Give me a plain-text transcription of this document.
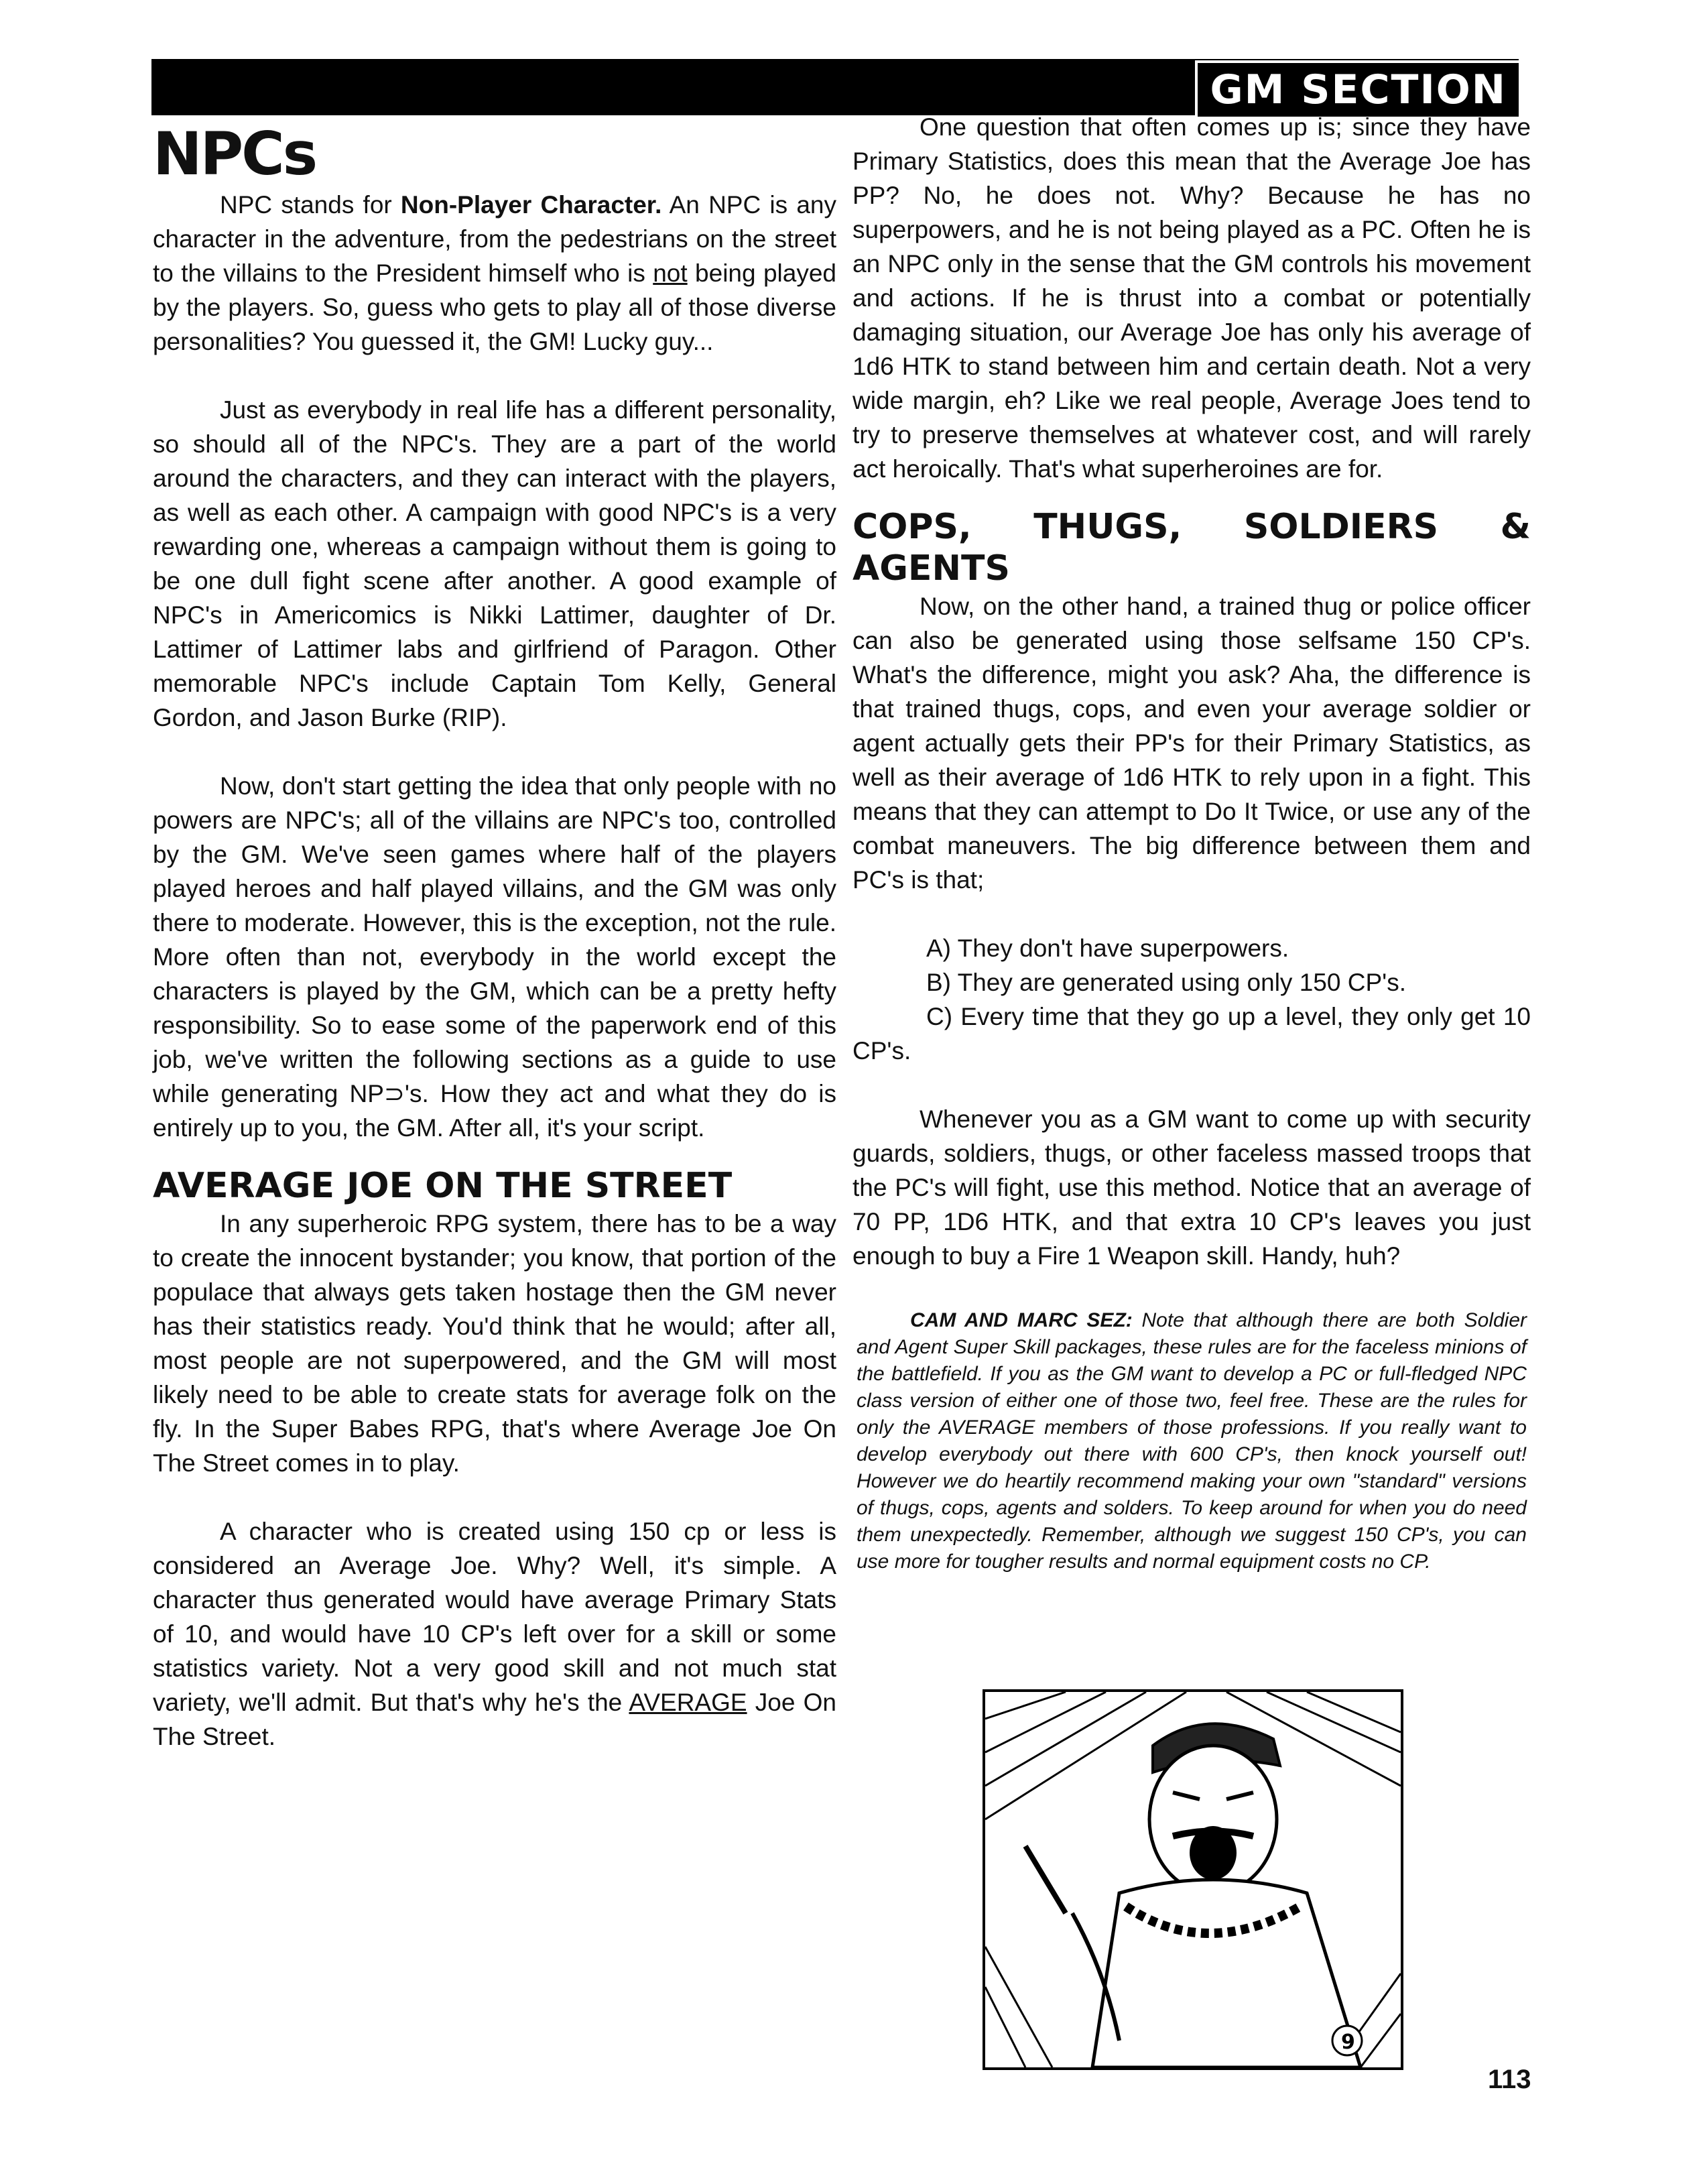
GM SECTION
NPCs

NPC stands for Non-Player Character. An NPC is any character in the adventure, from the pedestrians on the street to the villains to the President himself who is not being played by the players. So, guess who gets to play all of those diverse personalities? You guessed it, the GM! Lucky guy...

Just as everybody in real life has a different personality, so should all of the NPC's. They are a part of the world around the characters, and they can interact with the players, as well as each other. A campaign with good NPC's is a very rewarding one, whereas a campaign without them is going to be one dull fight scene after another. A good example of NPC's in Americomics is Nikki Lattimer, daughter of Dr. Lattimer of Lattimer labs and girlfriend of Paragon. Other memorable NPC's include Captain Tom Kelly, General Gordon, and Jason Burke (RIP).

Now, don't start getting the idea that only people with no powers are NPC's; all of the villains are NPC's too, controlled by the GM. We've seen games where half of the players played heroes and half played villains, and the GM was only there to moderate. However, this is the exception, not the rule. More often than not, everybody in the world except the characters is played by the GM, which can be a pretty hefty responsibility. So to ease some of the paperwork end of this job, we've written the following sections as a guide to use while generating NP⊃'s. How they act and what they do is entirely up to you, the GM. After all, it's your script.

AVERAGE JOE ON THE STREET

In any superheroic RPG system, there has to be a way to create the innocent bystander; you know, that portion of the populace that always gets taken hostage then the GM never has their statistics ready. You'd think that he would; after all, most people are not superpowered, and the GM will most likely need to be able to create stats for average folk on the fly. In the Super Babes RPG, that's where Average Joe On The Street comes in to play.

A character who is created using 150 cp or less is considered an Average Joe. Why? Well, it's simple. A character thus generated would have average Primary Stats of 10, and would have 10 CP's left over for a skill or some statistics variety. Not a very good skill and not much stat variety, we'll admit. But that's why he's the AVERAGE Joe On The Street.

One question that often comes up is; since they have Primary Statistics, does this mean that the Average Joe has PP? No, he does not. Why? Because he has no superpowers, and he is not being played as a PC. Often he is an NPC only in the sense that the GM controls his movement and actions. If he is thrust into a combat or potentially damaging situation, our Average Joe has only his average of 1d6 HTK to stand between him and certain death. Not a very wide margin, eh? Like we real people, Average Joes tend to try to preserve themselves at whatever cost, and will rarely act heroically. That's what superheroines are for.

COPS, THUGS, SOLDIERS & AGENTS

Now, on the other hand, a trained thug or police officer can also be generated using those selfsame 150 CP's. What's the difference, might you ask? Aha, the difference is that trained thugs, cops, and even your average soldier or agent actually gets their PP's for their Primary Statistics, as well as their average of 1d6 HTK to rely upon in a fight. This means that they can attempt to Do It Twice, or use any of the combat maneuvers. The big difference between them and PC's is that;

A) They don't have superpowers.

B) They are generated using only 150 CP's.

C) Every time that they go up a level, they only get 10 CP's.

Whenever you as a GM want to come up with security guards, soldiers, thugs, or other faceless massed troops that the PC's will fight, use this method. Notice that an average of 70 PP, 1D6 HTK, and that extra 10 CP's leaves you just enough to buy a Fire 1 Weapon skill. Handy, huh?

CAM AND MARC SEZ: Note that although there are both Soldier and Agent Super Skill packages, these rules are for the faceless minions of the battlefield. If you as the GM want to develop a PC or full-fledged NPC class version of either one of those two, feel free. These are the rules for only the AVERAGE members of those professions. If you really want to develop everybody out there with 600 CP's, then knock yourself out! However we do heartily recommend making your own "standard" versions of thugs, cops, agents and solders. To keep around for when you do need them unexpectedly. Remember, although we suggest 150 CP's, you can use more for tougher results and normal equipment costs no CP.

9
113
